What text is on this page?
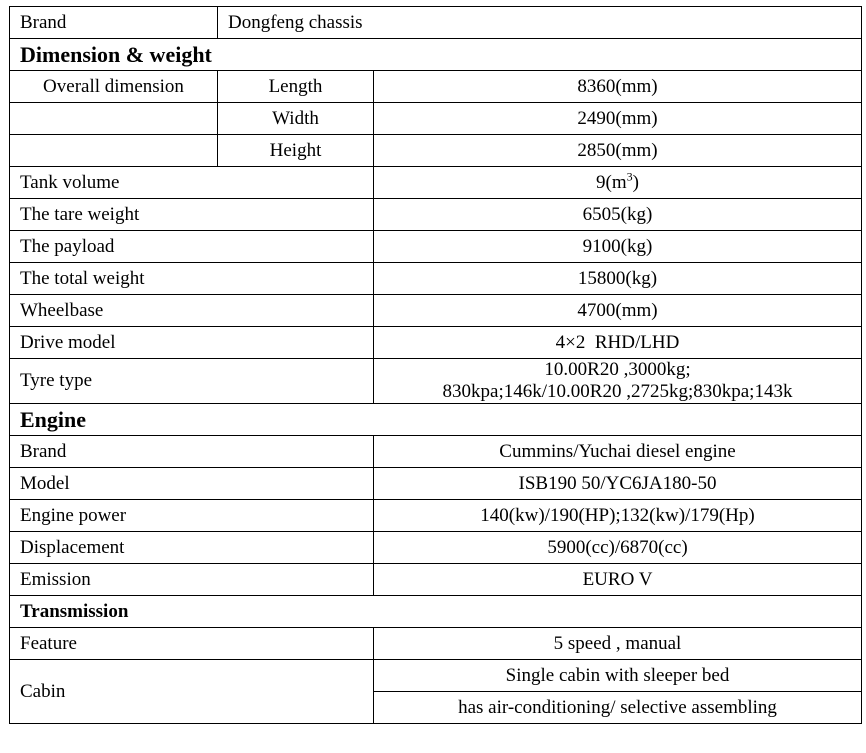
Brand	Dongfeng chassis	
Dimension & weight		
Overall dimension	Length	8360(mm)
	Width	2490(mm)
	Height	2850(mm)
Tank volume		$9(m^3)$
The tare weight		6505(kg)
The payload		9100(kg)
The total weight		15800(kg)
Wheelbase		4700(mm)
Drive model		4×2  RHD/LHD
Tyre type		10.00R20 ,3000kg;
830kpa;146k/10.00R20 ,2725kg;830kpa;143k

Engine		
Brand		Cummins/Yuchai diesel engine
Model		ISB190 50/YC6JA180-50
Engine power		140(kw)/190(HP);132(kw)/179(Hp)
Displacement		5900(cc)/6870(cc)
Emission		EURO V
Transmission		
Feature		5 speed , manual
Cabin		Single cabin with sleeper bed
		has air-conditioning/ selective assembling
